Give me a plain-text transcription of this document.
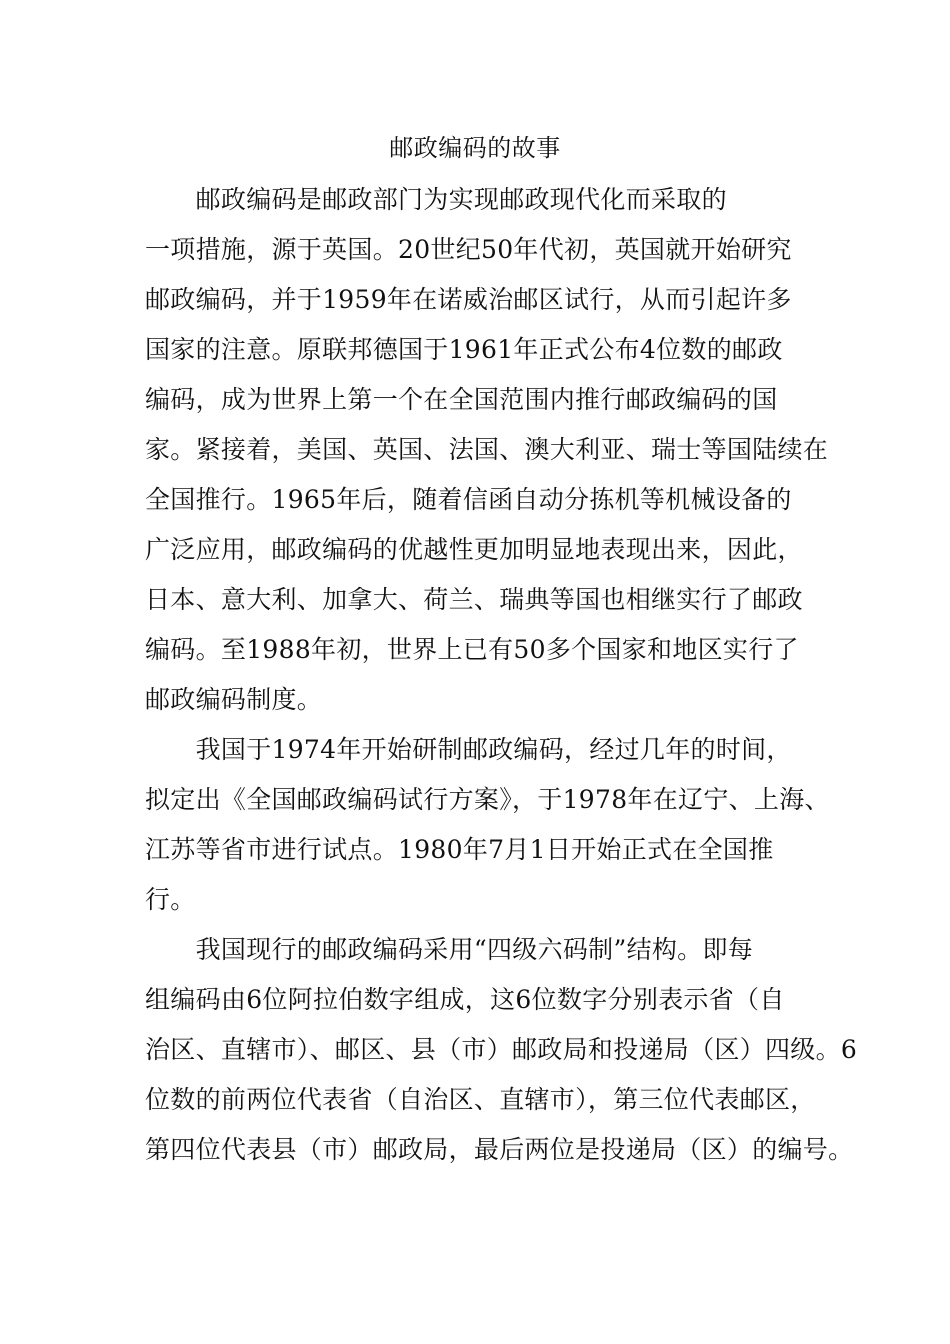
邮政编码的故事
　　邮政编码是邮政部门为实现邮政现代化而采取的
一项措施，源于英国。20世纪50年代初，英国就开始研究
邮政编码，并于1959年在诺威治邮区试行，从而引起许多
国家的注意。原联邦德国于1961年正式公布4位数的邮政
编码，成为世界上第一个在全国范围内推行邮政编码的国
家。紧接着，美国、英国、法国、澳大利亚、瑞士等国陆续在
全国推行。1965年后，随着信函自动分拣机等机械设备的
广泛应用，邮政编码的优越性更加明显地表现出来，因此，
日本、意大利、加拿大、荷兰、瑞典等国也相继实行了邮政
编码。至1988年初，世界上已有50多个国家和地区实行了
邮政编码制度。
　　我国于1974年开始研制邮政编码，经过几年的时间，
拟定出《全国邮政编码试行方案》，于1978年在辽宁、上海、
江苏等省市进行试点。1980年7月1日开始正式在全国推
行。
　　我国现行的邮政编码采用“四级六码制”结构。即每
组编码由6位阿拉伯数字组成，这6位数字分别表示省（自
治区、直辖市）、邮区、县（市）邮政局和投递局（区）四级。6
位数的前两位代表省（自治区、直辖市），第三位代表邮区，
第四位代表县（市）邮政局，最后两位是投递局（区）的编号。
